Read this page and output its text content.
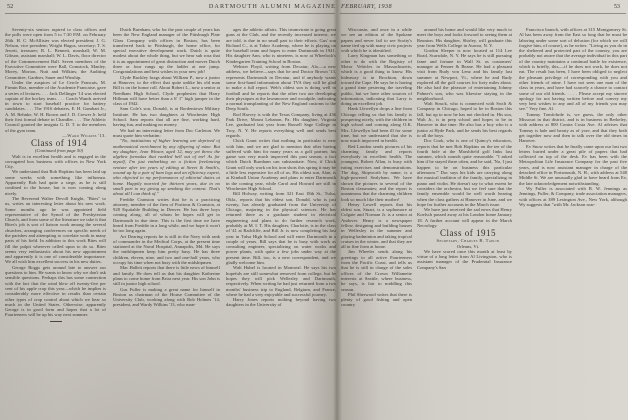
52	DARTMOUTH ALUMNI MAGAZINE FEBRUARY, 1938	53

Seventy-six seniors aspired to class offices and the polls were open from 5 to 7:30 P.M. on February 26th. H. C. McAllister was elected president; J. G. Nelson, vice president; Wright Hugus, secretary; T. S. Jewett, treasurer; R. L. Bennett, marshall; W. M. Gibson, assistant marshall; W. L. Davis, floor director of the Commencement Ball. Seven members of the Executive Committee were Ball, Comstock, Manley, Morey, Morton, Nutt and Wilkins; the Auditing Committee, Gardner, Sauer and Winship.

Under the auspices of Le Cercle Francais, M. Firmin Roz, member of the Academie Francaise, gave a series of lectures. . . . Jack Dellinger '14 was elected captain of the hockey team. . . . Coach Wands arrived in town to start baseball practice for battery candidates. . . . The 1916 debaters, E. H. Gumbart Jr., A. M. Behnke, W. H. Brown and J. D. Crewer Jr. held their first formal debate in Chandler. . . . The Athletic Council granted the insignia G. D. T. to the members of the gym team.

—Ward Wilkins '13.

Class of 1914

(Continued from page 50)

Walt is in excellent health and is engaged in the corrugated box business with offices in New York City.

We understand that Bob Hopkins has been laid up some weeks with something like influenza. Apparently Bob had quite a siege, as he is still confined to the house, but is now coming along nicely.

The Reverend Walter Devoll Knight, "Bites" to us, writes an interesting letter about his new work. Some months ago he was appointed field representative of the Synod of the Presbyterian Church, and from some of the literature we take it that Bites's job is sort of liaison work among the several churches, arranging conferences on specific needs of the parishes and attempting to correlate work in many parts of his field. In addition to this work Bites will fill the pulpit wherever called upon to do so. Bites seems very enthusiastic about his new appointment and apparently it is one of considerable importance. We all wish him excellent success in his new duties.

George Boggs gets around late to answer our questions to him. He wants to know why we don't ask sensible questions. Perhaps this has some connection with the fact that the wind blew off twenty-five per cent of his apple crop this year—which he implies is considerably more effective in results than certain other types of crop control about which we hear so much in the United States. Otherwise, apparently George is in good form and hopes that a lot of Fourteeners will be up his way next summer.

Dutch Burnham, who for the past couple of years has been the New England manager of the Pittsburgh Plate Glass Company with offices in Boston, has been transferred back to Pittsburgh, the home office, for special executive development work. Dutch is quite modest about the whole thing, but we hear sub rosa that it is an appointment of great distinction and moves Dutch three or four rungs up the ladder at one jump. Congratulations and best wishes in your new job!

Clyde Buckley brags about William P., now a junior at Hanover, to the effect that quite unlike his old man Bill is on the honor roll. About Robert L., now a senior at Needham High School, Clyde prophesies that Harry Hillman will have better than a 6' 1" high jumper in the class of 1942.

Sam Cole's son, Donald, is at Bordentown Military Institute. He has two daughters at Winchester High School. Sam reports that all are fine, working hard, having fun, and making no money.

We had an interesting letter from Doc Carleton. We must quote him verbatim:

"No, institutions of higher learning are deprived of mathematical enrichment by any offspring of mine. But my daughter, Jean Winsor, aged 12, may yet throw the algebra formulas that rankled hell out of me! As for myself, I'm just embarking on a fiction freelancing venture after ten years of editing at Street & Smith's, wound up by a pair of ham legs and an efficiency expert, who objected to my performances of editorial duties at home. Happily married for thirteen years, due in no small part to my giving up smoking the contest. That's about all I can think of."

Freddie Cranston writes that he is a practicing attorney, member of the firm of Portious & Cranston, at 928 Equitable Building in Denver. He has three boys coming along, all of whom he hopes will get to Dartmouth in due time. This is the first time we have heard from Freddie in a long while, and we hope it won't be too long again.

Art Dearing reports he is still in the Navy with rank of commander in the Medical Corps, at the present time stationed at the Naval Hospital, Annapolis, Md. He says the midshipmen keep him pretty busy. He has three children, eleven, nine, and two and one-half years, who occupy his time when not busy with the midshipmen.

Mac Hallett reports that there is little news of himself and family. He does tell us that his daughter Katherine plans to come home from Briar next year. His son John is still in junior high school.

Gus Fuller is making a great name for himself in Boston as chairman of the House Committee of the University Club, working along with Bob Holmes '14, president, and Wardy Wilkins '13, who man-

ages the athletic affairs. This triumvirate is going great guns at the Club, and the recently increased interest, we are told, is due in no small part to their efforts. Gus' son Richard C., is at Tabor Academy, where he is playing on the baseball team and hopes to enter Dartmouth in 1941. His daughter Ann, who is nineteen, is now at Wheelock's Kindergarten Training School in Boston.

Webster Floyd, writing from Decatur, Ala.—a new address, we believe—says that he and Doctor Brown '13, represents Dartmouth in Decatur, and if anybody wants some first-hand information about TVA they will be glad to make a full report. Web's oldest son is doing well in football and he reports that the other two are developing their physiques at the lawnmower and woodpile, indicating a normal transplanting of the New England customs to the Deep South.

Rod Harvey is with the Texas Company, living at 436 Park Drive, Mount Lebanon, Pa. His daughter, Virginia Lee, graduated last year from Russell Sage College in Troy, N. Y. He reports everything well and sends best regards.

Chick Grant writes that nothing in particular is new with him, and we are glad to mention that after having suffered with him for many years as a golf partner, his game was very much improved this past season, a fact which Dutch Burnham can substantiate. Now, if Chick Grant will only work on his iron shots this spring it may be a little less expensive for all of us. His oldest son, Alan, is at Kimball Union Academy and plans to enter Dartmouth in the coming year, while Carol and Howard are still in Winchester High School.

Bill Holway, writing from 321 East 18th St., Tulsa, Okla., reports that his eldest son, Donald, who is just twenty, has already graduated from the University of Chicago, majoring in the physical sciences. He has returned there as a graduate student in electrical engineering and plans to do further research work, probably at M. I. T. His daughter, Charlotte, is in the class of '41 at Radcliffe, and Bill Jr. is now completing his last year in Tulsa High School and will enter Dartmouth in a couple of years. Bill says that he is busy with work as consulting engineer, specializing on water works and power plants, with quite a few jobs under way at the present time. Bill, too, is a new correspondent, and we gladly welcome him.

Walt Hubel is located in Montreal. He says his two hopefuls are still somewhat removed from college, but he hopes they will pick Wellesley and Dartmouth, respectively. When writing he had just returned from a two months' business trip to England, Belgium, and France, where he had a very enjoyable and successful journey.

Harry Jones reports nothing beyond having two daughters in the University of

Wisconsin, and once in a while we see an edition of the Spokane papers and never fail to see Scotty's name tied up with many civic projects with which he is identified.

Larry Kingman has something or other to do with the Registry of Motor Vehicles in Massachusetts, which is a good thing to know. His hideaway is in Brockton, down toward the Cape. He says he is having a grand time pestering the traveling public, but we have other sources of information, indicating that Larry is doing an excellent job.

Hank Llewellyn drops a line from Chicago telling us that his family is prospering nicely, with the children in high school and coming along O.K. Mrs. Llewellyn had been ill for some time, but we understand that she is now much improved in health.

Red London sends pictures of his charming family and reports everybody in excellent health. The youngest, Robert Allan, is busy with eating exercises and demonstrations. The dog, Skipworth by name, is a high-powered Sealyham. We have shown the pictures to several of the Boston classmates; and the report is unanimous that the charming children look so much like their mother!

Henry Lowell reports that his eldest son, Stuart, is a sophomore at Colgate and Norman Jr. is a senior at Andover. Henry is a newspaper fellow, designing and building houses in Wellesley in the summer and playing badminton and taking tropical cruises in the winter, and that they are all in fine form at home.

Jim Wheeler sends along his greetings to all active Fourteeners from the Pacific Coast, and tells us that he is still in charge of the sales offices of the Crown Willamette interests at Seattle, where business, he says, is fair to middling this season.

Phil Sherwood writes that there is plenty of good fishing and open country

around his home and would like very much to meet the boys and looks forward to seeing them at Reunion. His daughter, Shirley, will graduate this year from Wells College in Aurora, N. Y.

Gordon Sleeper is now located at 114 Lee Road, Scarsdale, N. Y. He says he is still pursuing fame and fortune in Wall St. as customers' manager at Fenner & Beane. He had a pleasant visit from Rudy von Lenz and his family last summer at Newport, Vt., where he and Rudy explored all the golf courses for forty miles about. He also had the pleasure of entertaining Johnny Palmer's son, who was likewise staying in the neighborhood.

Walt Struck, who is connected with Swift & Company in Chicago, hoped to be in Boston this fall, but up to now he has not checked in. His son, Walt Jr., is in prep school and hopes to be in Hanover in due time. He also has a boy who is a junior at Hyde Park, and he sends his best regards to all the boys.

Doc Cook, who is one of Quincy's educators, reports that he met Bob Hopkins on the tee of the fourth hole at the Marshfield golf links last summer, which sounds quite reasonable. "I asked him if he stayed there often, and he said, 'No, I just happen to be on business this particular afternoon.'" Doc says his kids are carrying along the musical tradition of the family, specializing in piano and violin. He doesn't say to what extent he considers the orchestra, but we feel sure that the family ensemble would be well worth hearing when the class gathers at Hanover in June, and we hope for further accounts in the March issue.

We have just received the sad news that Henry Koelsch passed away at his London home January 18. A further account will appear in the March Necrology.

Class of 1915

Secretary, Charles R. Taplin

Orleans, Vt.

We have scored once this month at least by virtue of a long letter from Al Livingston, who is assistant manager of the Prudential Insurance Company's San

Francisco branch, with offices at 315 Montgomery St. Al has been away from the East so long that he must be laboring under some sort of delusion (for which we will forgive him, of course), as he writes: "Living as you do in the sheltered and protected part of the country, you are probably not aware that the average individual in this part of the country maintains a continual battle for existence, which is briefly, this,—if he does not work, he does not eat. The result has been, I have been obliged to neglect the pleasant privilege of corresponding with you and other friends of mine. I have not seen one man of the class in years, and have had scarcely a chance to contact some of our old friends. . . . . Please accept my sincere apology for not having written before and convey my very best wishes to any and all of my friends you may see." Very fine, Al.

Tommy Tomfohrde is, we guess, the only other Missouri in that district, and is in business in Berkeley, with address at 800 Contra Costa Ave. Al advises that Tommy is hale and hearty as of yore, and that they both get together now and then to talk over the old times in Hanover.

Ev Snow writes that he finally came upon our last two letters buried under a great pile of papers that had collected on top of the desk. Ev has been with the Metropolitan Life Insurance Company for the past five years, and is now assistant manager in charge of the detached office in Portsmouth, N. H., with address at 548 Middle St. We are unusually glad to have heard from Ev, the late acknowledgement notwithstanding.

Wy Fuller is associated with B. W. Jennings as Jennings, Fuller, & Company, trade association managers, with offices at 389 Lexington Ave., New York, although Wy suggests that "with Mr. Jackson roar-
